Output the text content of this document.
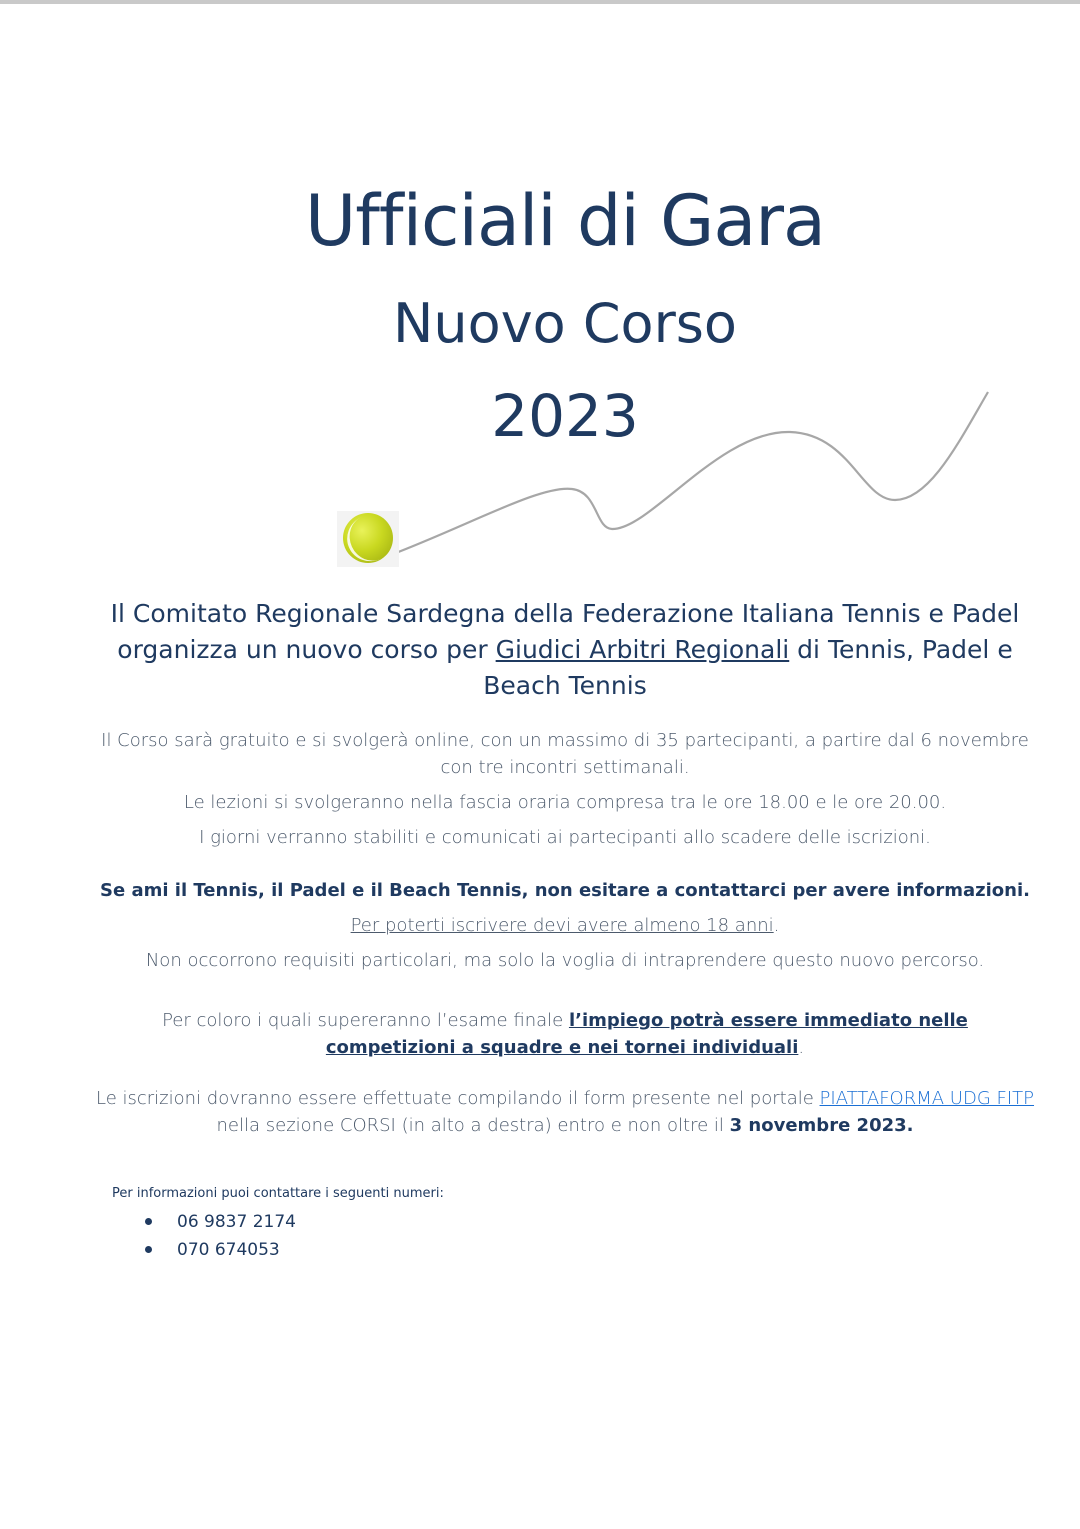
Ufficiali di Gara
Nuovo Corso
2023
Il Comitato Regionale Sardegna della Federazione Italiana Tennis e Padel organizza un nuovo corso per Giudici Arbitri Regionali di Tennis, Padel e Beach Tennis
Il Corso sarà gratuito e si svolgerà online, con un massimo di 35 partecipanti, a partire dal 6 novembre con tre incontri settimanali.
Le lezioni si svolgeranno nella fascia oraria compresa tra le ore 18.00 e le ore 20.00.
I giorni verranno stabiliti e comunicati ai partecipanti allo scadere delle iscrizioni.
Se ami il Tennis, il Padel e il Beach Tennis, non esitare a contattarci per avere informazioni.
Per poterti iscrivere devi avere almeno 18 anni.
Non occorrono requisiti particolari, ma solo la voglia di intraprendere questo nuovo percorso.
Per coloro i quali supereranno l’esame finale l’impiego potrà essere immediato nelle competizioni a squadre e nei tornei individuali.
Le iscrizioni dovranno essere effettuate compilando il form presente nel portale PIATTAFORMA UDG FITP nella sezione CORSI (in alto a destra) entro e non oltre il 3 novembre 2023.
Per informazioni puoi contattare i seguenti numeri:
06 9837 2174
070 674053
